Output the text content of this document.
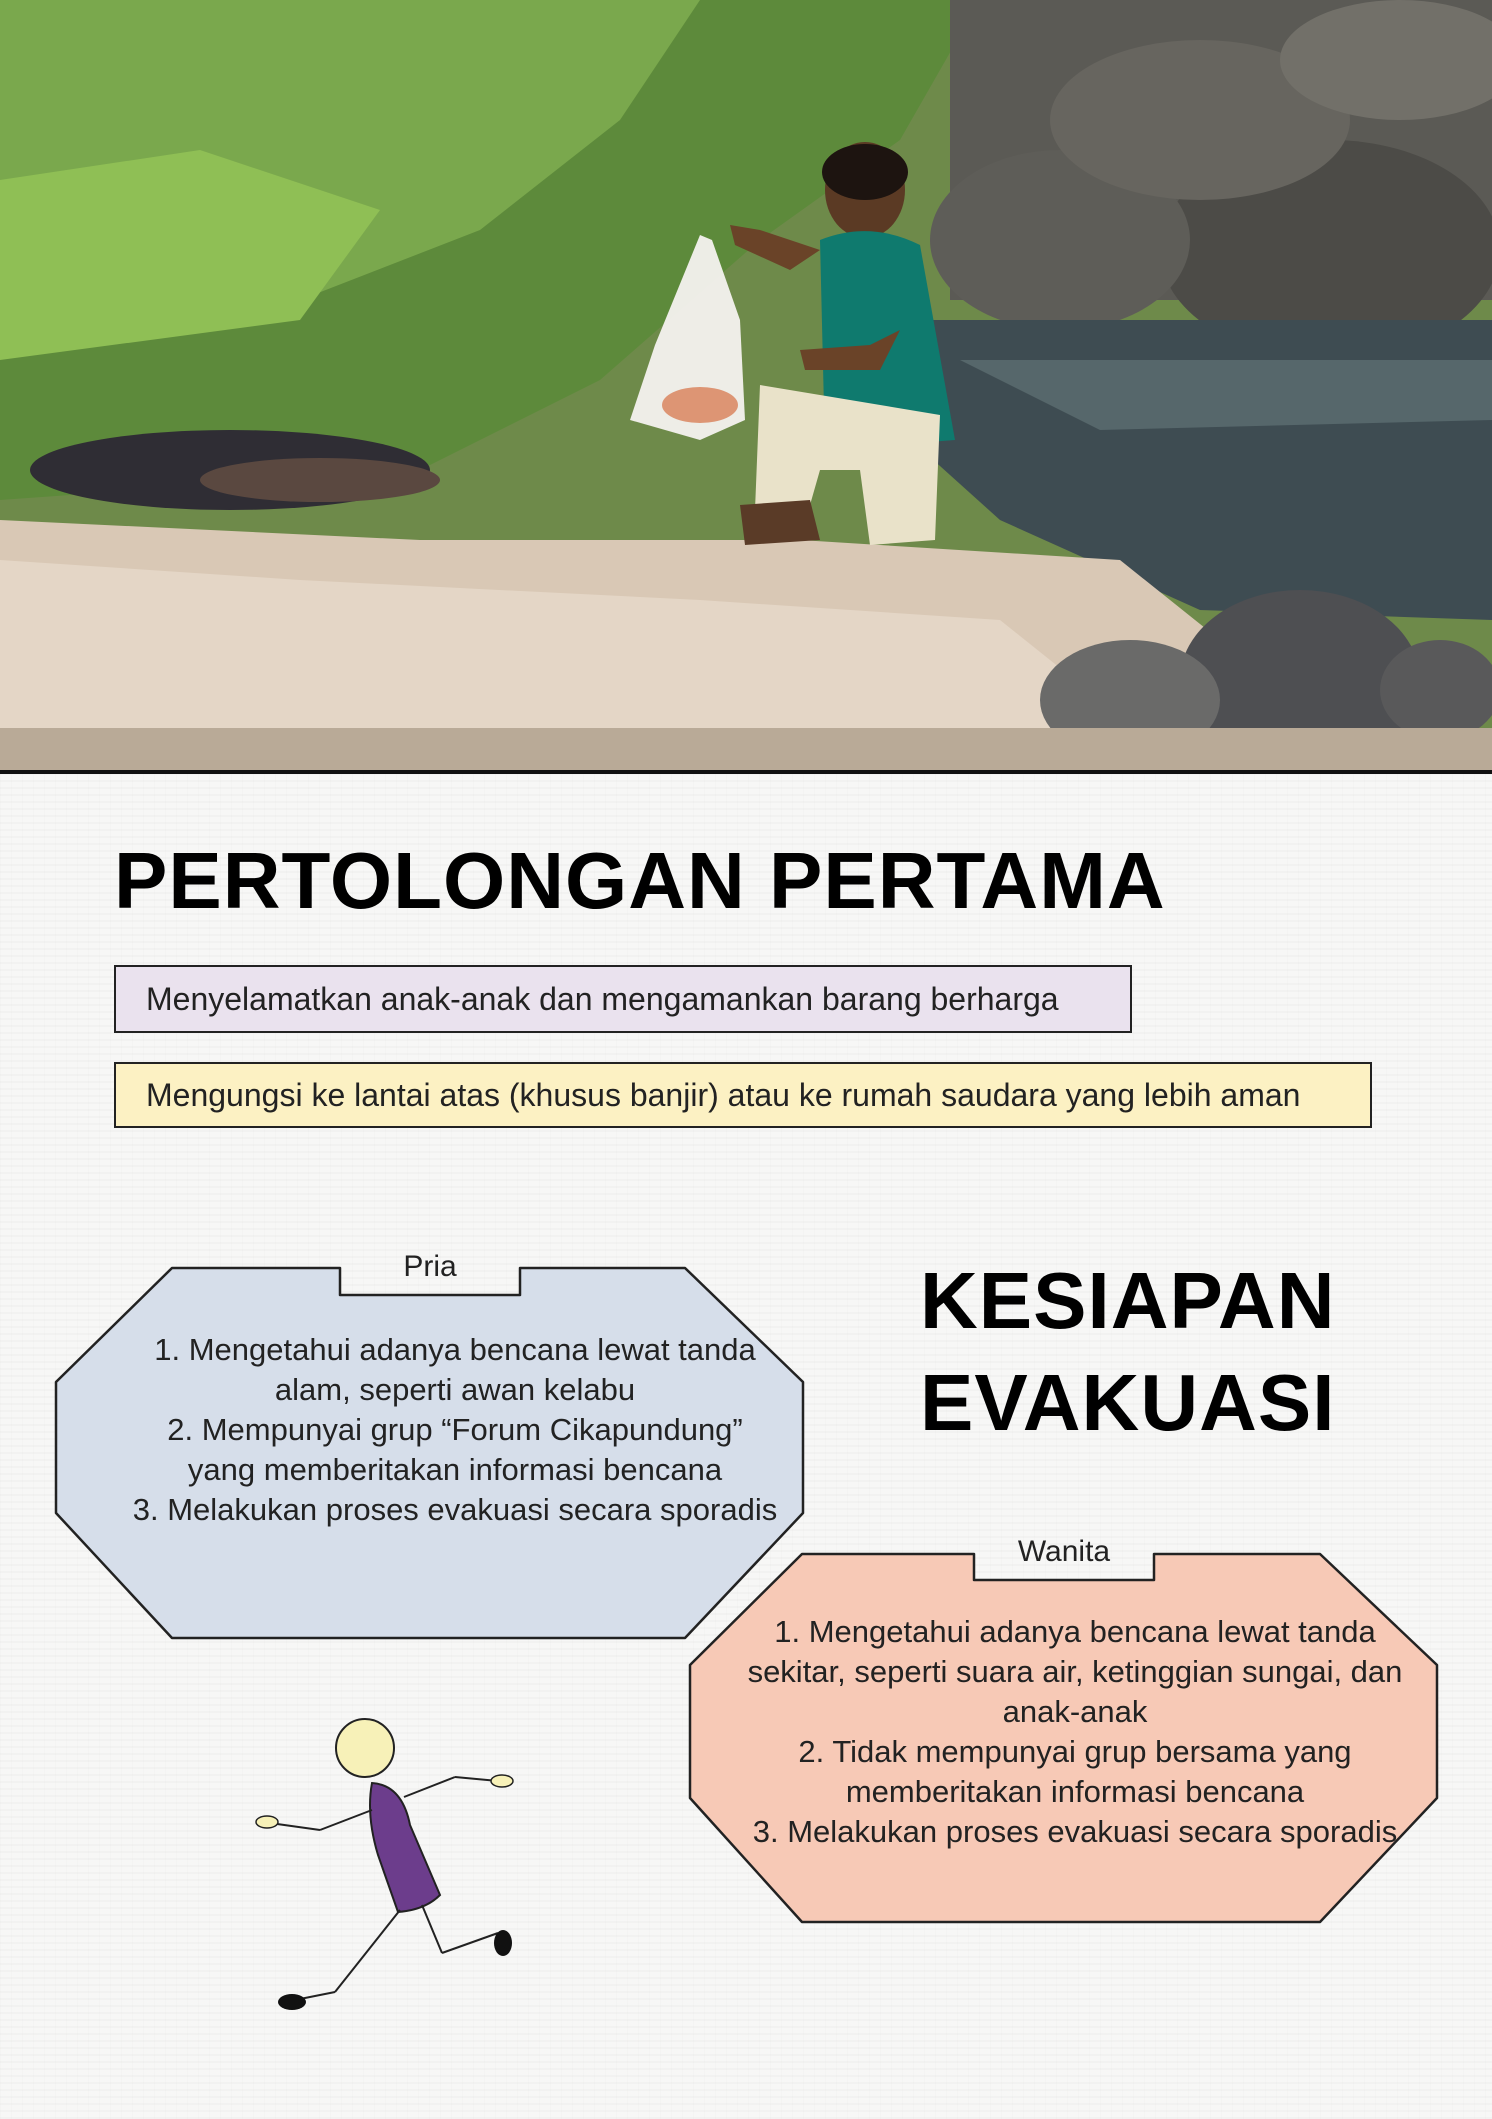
PERTOLONGAN PERTAMA
Menyelamatkan anak-anak dan mengamankan barang berharga
Mengungsi ke lantai atas (khusus banjir) atau ke rumah saudara yang lebih aman
Pria
1. Mengetahui adanya bencana lewat tanda alam, seperti awan kelabu
2. Mempunyai grup “Forum Cikapundung” yang memberitakan informasi bencana
3. Melakukan proses evakuasi secara sporadis
Wanita
1. Mengetahui adanya bencana lewat tanda sekitar, seperti suara air, ketinggian sungai, dan anak-anak
2. Tidak mempunyai grup bersama yang memberitakan informasi bencana
3. Melakukan proses evakuasi secara sporadis
KESIAPAN
EVAKUASI
